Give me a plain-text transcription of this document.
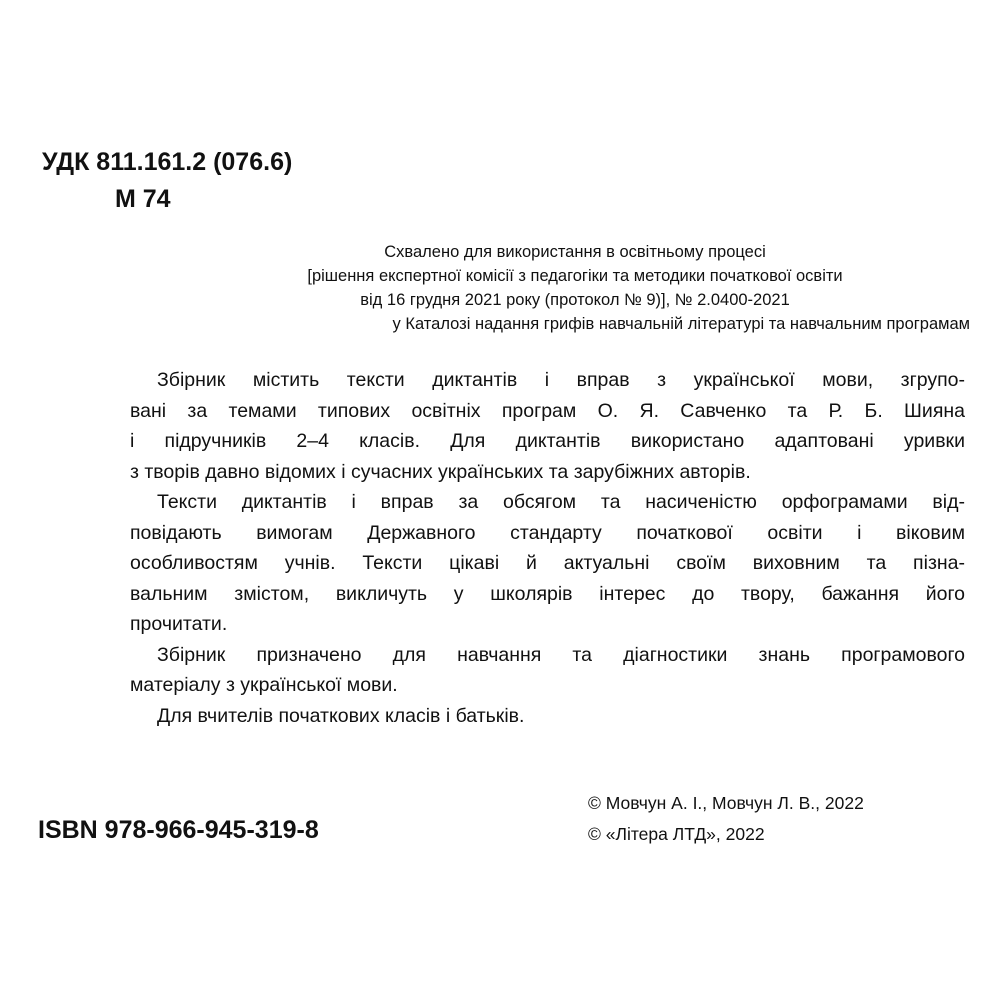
УДК 811.161.2 (076.6)
М 74
Схвалено для використання в освітньому процесі
[рішення експертної комісії з педагогіки та методики початкової освіти
від 16 грудня 2021 року (протокол № 9)], № 2.0400-2021
у Каталозі надання грифів навчальній літературі та навчальним програмам
Збірник містить тексти диктантів і вправ з української мови, згрупо-
вані за темами типових освітніх програм О. Я. Савченко та Р. Б. Шияна
і підручників 2–4 класів. Для диктантів використано адаптовані уривки
з творів давно відомих і сучасних українських та зарубіжних авторів.
Тексти диктантів і вправ за обсягом та насиченістю орфограмами від-
повідають вимогам Державного стандарту початкової освіти і віковим
особливостям учнів. Тексти цікаві й актуальні своїм виховним та пізна-
вальним змістом, викличуть у школярів інтерес до твору, бажання його
прочитати.
Збірник призначено для навчання та діагностики знань програмового
матеріалу з української мови.
Для вчителів початкових класів і батьків.
© Мовчун А. І., Мовчун Л. В., 2022
© «Літера ЛТД», 2022
ISBN 978-966-945-319-8
